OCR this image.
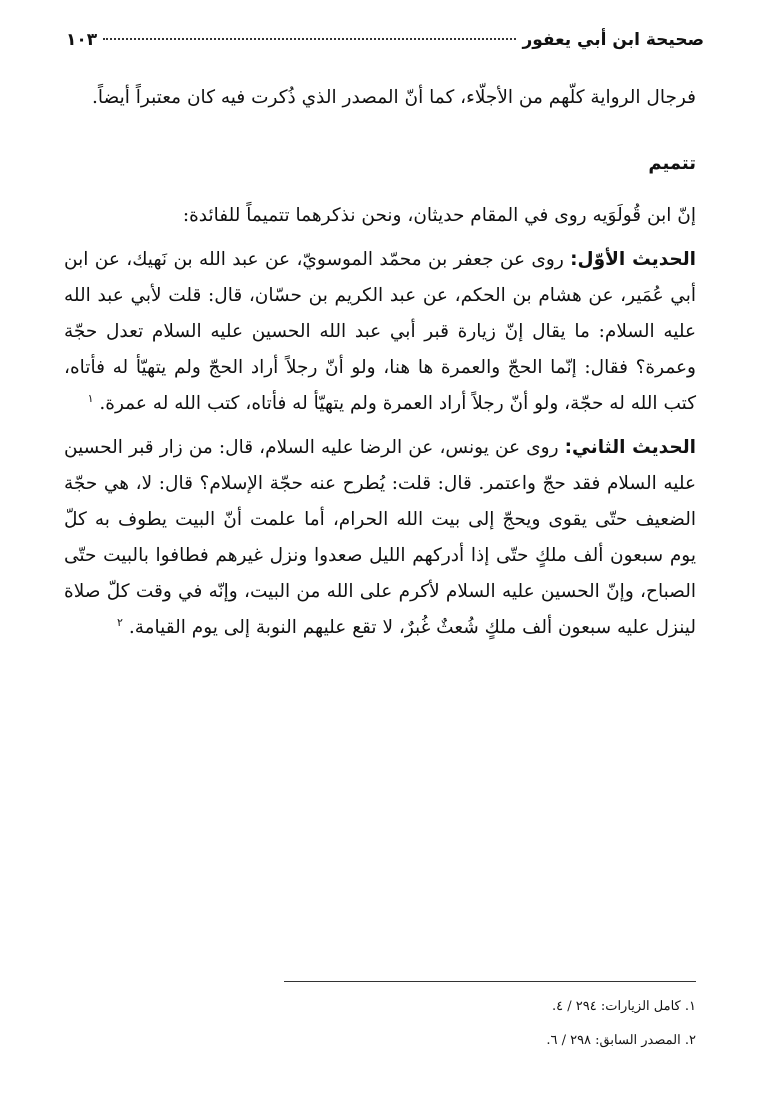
صحيحة ابن أبي يعفور
١٠٣

فرجال الرواية كلّهم من الأجلّاء، كما أنّ المصدر الذي ذُكرت فيه كان معتبراً أيضاً.

تتميم

إنّ ابن قُولَوَيه روى في المقام حديثان، ونحن نذكرهما تتميماً للفائدة:

الحديث الأوّل: روى عن جعفر بن محمّد الموسويّ، عن عبد الله بن نَهيك، عن ابن أبي عُمَير، عن هشام بن الحكم، عن عبد الكريم بن حسّان، قال: قلت لأبي عبد الله عليه السلام: ما يقال إنّ زيارة قبر أبي عبد الله الحسين عليه السلام تعدل حجّة وعمرة؟ فقال: إنّما الحجّ والعمرة ها هنا، ولو أنّ رجلاً أراد الحجّ ولم يتهيّأ له فأتاه، كتب الله له حجّة، ولو أنّ رجلاً أراد العمرة ولم يتهيّأ له فأتاه، كتب الله له عمرة. $^١$

الحديث الثاني: روى عن يونس، عن الرضا عليه السلام، قال: من زار قبر الحسين عليه السلام فقد حجّ واعتمر. قال: قلت: يُطرح عنه حجّة الإسلام؟ قال: لا، هي حجّة الضعيف حتّى يقوى ويحجّ إلى بيت الله الحرام، أما علمت أنّ البيت يطوف به كلّ يوم سبعون ألف ملكٍ حتّى إذا أدركهم الليل صعدوا ونزل غيرهم فطافوا بالبيت حتّى الصباح، وإنّ الحسين عليه السلام لأكرم على الله من البيت، وإنّه في وقت كلّ صلاة لينزل عليه سبعون ألف ملكٍ شُعثٌ غُبرٌ، لا تقع عليهم النوبة إلى يوم القيامة. $^٢$

١. كامل الزيارات: ٢٩٤ / ٤.

٢. المصدر السابق: ٢٩٨ / ٦.
